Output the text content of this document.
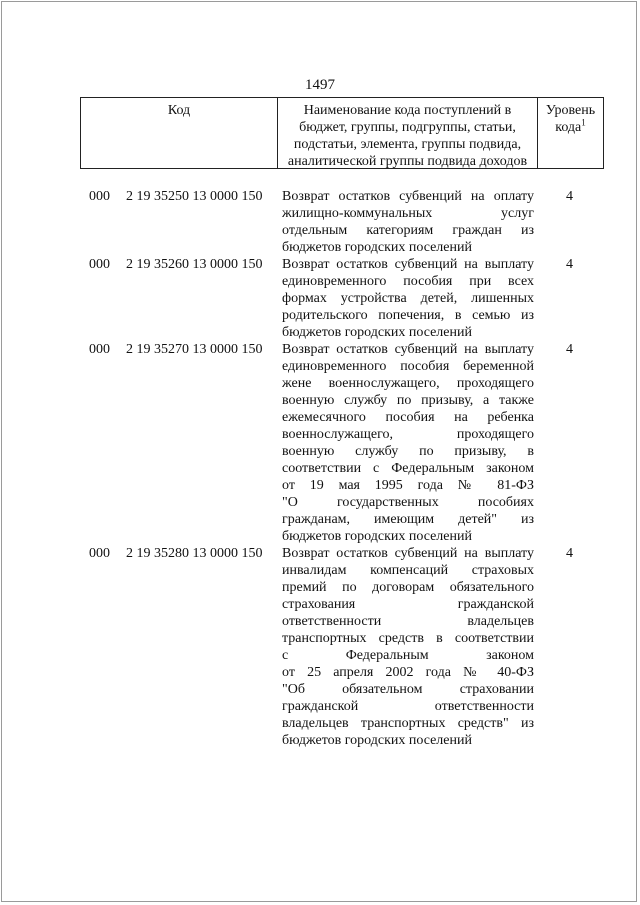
1497
Код	Наименование кода поступлений в бюджет, группы, подгруппы, статьи, подстатьи, элемента, группы подвида, аналитической группы подвида доходов
Уровень кода$^1$
000 2 19 35250 13 0000 150 Возврат остатков субвенций на оплату
жилищно-коммунальных услуг
отдельным категориям граждан из
бюджетов городских поселений
4
000 2 19 35260 13 0000 150 Возврат остатков субвенций на выплату
единовременного пособия при всех
формах устройства детей, лишенных
родительского попечения, в семью из
бюджетов городских поселений
4
000 2 19 35270 13 0000 150 Возврат остатков субвенций на выплату
единовременного пособия беременной
жене военнослужащего, проходящего
военную службу по призыву, а также
ежемесячного пособия на ребенка
военнослужащего, проходящего
военную службу по призыву, в
соответствии с Федеральным законом
от 19 мая 1995 года № 81-ФЗ
"О государственных пособиях
гражданам, имеющим детей" из
бюджетов городских поселений
4
000 2 19 35280 13 0000 150 Возврат остатков субвенций на выплату
инвалидам компенсаций страховых
премий по договорам обязательного
страхования гражданской
ответственности владельцев
транспортных средств в соответствии
с Федеральным законом
от 25 апреля 2002 года № 40-ФЗ
"Об обязательном страховании
гражданской ответственности
владельцев транспортных средств" из
бюджетов городских поселений
4
